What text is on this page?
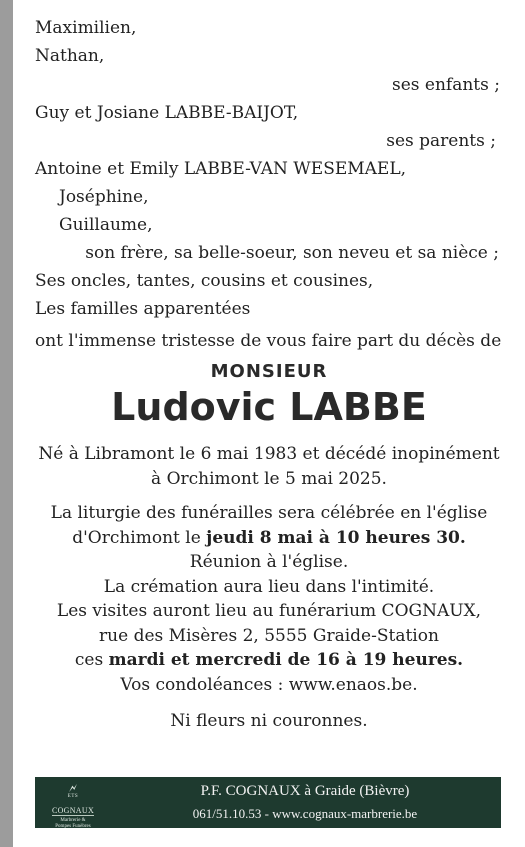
Maximilien,
Nathan,
ses enfants ;
Guy et Josiane LABBE-BAIJOT,
ses parents ;
Antoine et Emily LABBE-VAN WESEMAEL,
Joséphine,
Guillaume,
son frère, sa belle-soeur, son neveu et sa nièce ;
Ses oncles, tantes, cousins et cousines,
Les familles apparentées
ont l'immense tristesse de vous faire part du décès de
MONSIEUR
Ludovic LABBE
Né à Libramont le 6 mai 1983 et décédé inopinément
à Orchimont le 5 mai 2025.
La liturgie des funérailles sera célébrée en l'église
d'Orchimont le jeudi 8 mai à 10 heures 30.
Réunion à l'église.
La crémation aura lieu dans l'intimité.
Les visites auront lieu au funérarium COGNAUX,
rue des Misères 2, 5555 Graide-Station
ces mardi et mercredi de 16 à 19 heures.
Vos condoléances : www.enaos.be.
Ni fleurs ni couronnes.
🗲
ETS
COGNAUX
Marbrerie &
Pompes Funèbres
P.F. COGNAUX à Graide (Bièvre)
061/51.10.53 - www.cognaux-marbrerie.be
